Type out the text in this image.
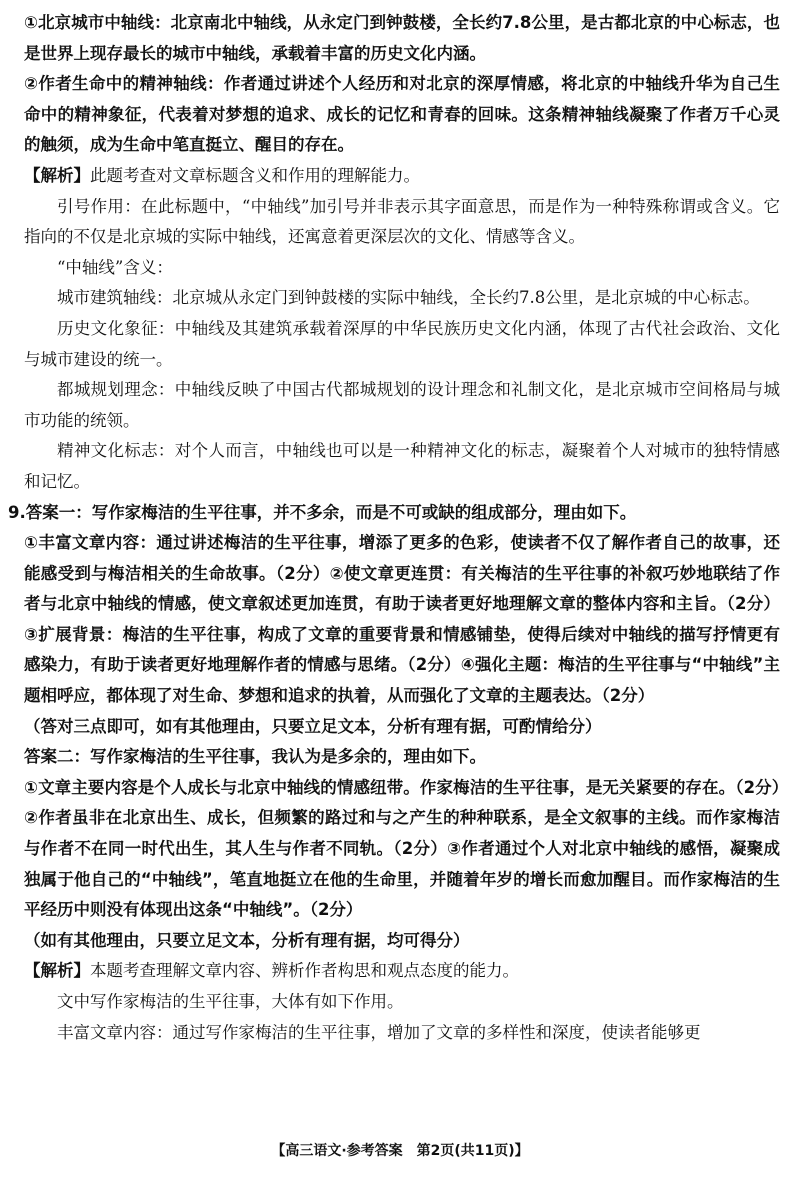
①北京城市中轴线：北京南北中轴线，从永定门到钟鼓楼，全长约7.8公里，是古都北京的中心标志，也是世界上现存最长的城市中轴线，承载着丰富的历史文化内涵。

②作者生命中的精神轴线：作者通过讲述个人经历和对北京的深厚情感，将北京的中轴线升华为自己生命中的精神象征，代表着对梦想的追求、成长的记忆和青春的回味。这条精神轴线凝聚了作者万千心灵的触须，成为生命中笔直挺立、醒目的存在。

【解析】此题考查对文章标题含义和作用的理解能力。

引号作用：在此标题中，“中轴线”加引号并非表示其字面意思，而是作为一种特殊称谓或含义。它指向的不仅是北京城的实际中轴线，还寓意着更深层次的文化、情感等含义。

“中轴线”含义：

城市建筑轴线：北京城从永定门到钟鼓楼的实际中轴线，全长约7.8公里，是北京城的中心标志。

历史文化象征：中轴线及其建筑承载着深厚的中华民族历史文化内涵，体现了古代社会政治、文化与城市建设的统一。

都城规划理念：中轴线反映了中国古代都城规划的设计理念和礼制文化，是北京城市空间格局与城市功能的统领。

精神文化标志：对个人而言，中轴线也可以是一种精神文化的标志，凝聚着个人对城市的独特情感和记忆。

9.答案一：写作家梅洁的生平往事，并不多余，而是不可或缺的组成部分，理由如下。

①丰富文章内容：通过讲述梅洁的生平往事，增添了更多的色彩，使读者不仅了解作者自己的故事，还能感受到与梅洁相关的生命故事。（2分）②使文章更连贯：有关梅洁的生平往事的补叙巧妙地联结了作者与北京中轴线的情感，使文章叙述更加连贯，有助于读者更好地理解文章的整体内容和主旨。（2分）③扩展背景：梅洁的生平往事，构成了文章的重要背景和情感铺垫，使得后续对中轴线的描写抒情更有感染力，有助于读者更好地理解作者的情感与思绪。（2分）④强化主题：梅洁的生平往事与“中轴线”主题相呼应，都体现了对生命、梦想和追求的执着，从而强化了文章的主题表达。（2分）

（答对三点即可，如有其他理由，只要立足文本，分析有理有据，可酌情给分）

答案二：写作家梅洁的生平往事，我认为是多余的，理由如下。

①文章主要内容是个人成长与北京中轴线的情感纽带。作家梅洁的生平往事，是无关紧要的存在。（2分）②作者虽非在北京出生、成长，但频繁的路过和与之产生的种种联系，是全文叙事的主线。而作家梅洁与作者不在同一时代出生，其人生与作者不同轨。（2分）③作者通过个人对北京中轴线的感悟，凝聚成独属于他自己的“中轴线”，笔直地挺立在他的生命里，并随着年岁的增长而愈加醒目。而作家梅洁的生平经历中则没有体现出这条“中轴线”。（2分）

（如有其他理由，只要立足文本，分析有理有据，均可得分）

【解析】本题考查理解文章内容、辨析作者构思和观点态度的能力。

文中写作家梅洁的生平往事，大体有如下作用。

丰富文章内容：通过写作家梅洁的生平往事，增加了文章的多样性和深度，使读者能够更

【高三语文·参考答案　第2页(共11页)】
